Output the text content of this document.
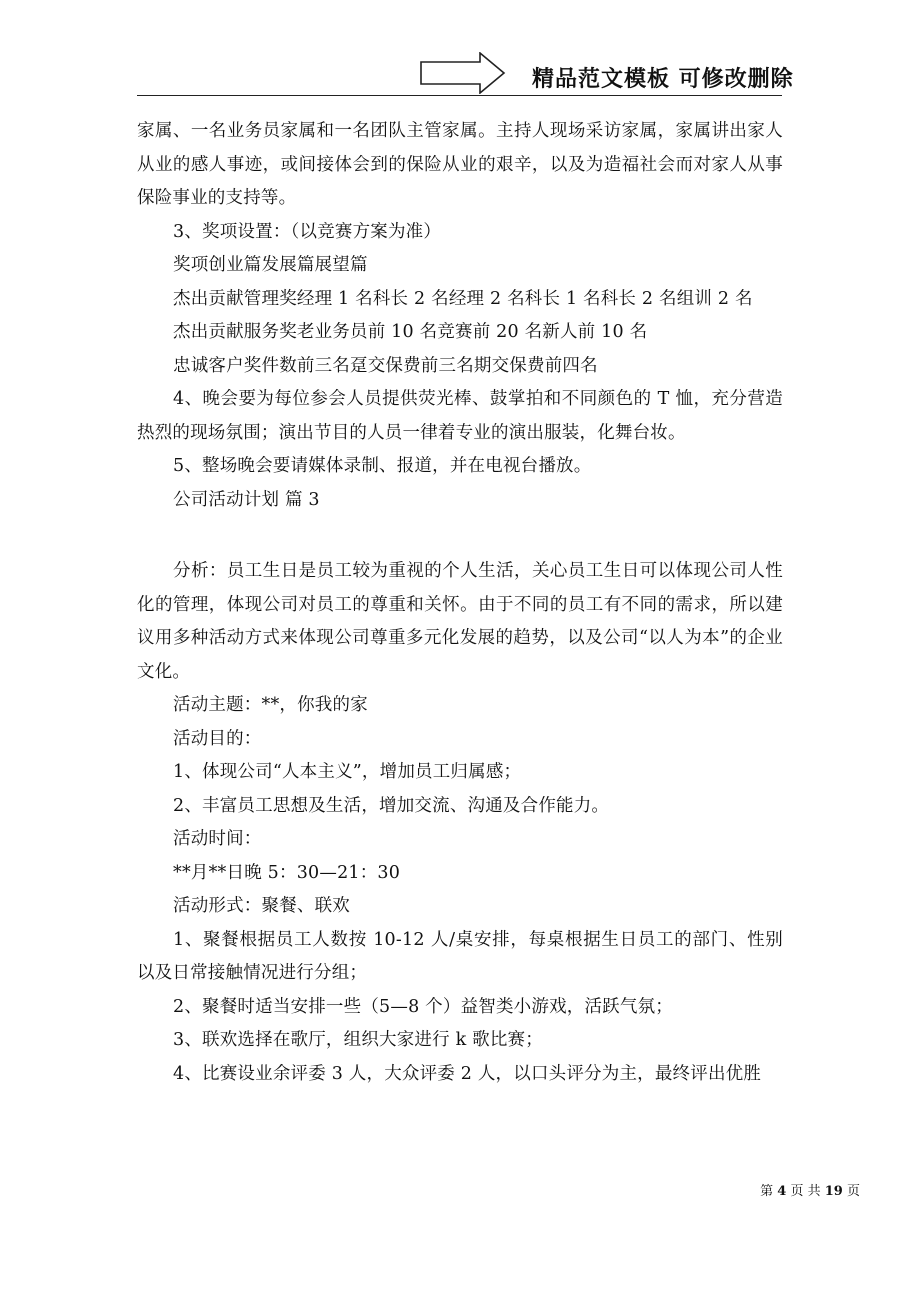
精品范文模板 可修改删除

家属、一名业务员家属和一名团队主管家属。主持人现场采访家属，家属讲出家人从业的感人事迹，或间接体会到的保险从业的艰辛，以及为造福社会而对家人从事保险事业的支持等。

3、奖项设置：（以竞赛方案为准）

奖项创业篇发展篇展望篇

杰出贡献管理奖经理 1 名科长 2 名经理 2 名科长 1 名科长 2 名组训 2 名

杰出贡献服务奖老业务员前 10 名竞赛前 20 名新人前 10 名

忠诚客户奖件数前三名趸交保费前三名期交保费前四名

4、晚会要为每位参会人员提供荧光棒、鼓掌拍和不同颜色的 T 恤，充分营造热烈的现场氛围；演出节目的人员一律着专业的演出服装，化舞台妆。

5、整场晚会要请媒体录制、报道，并在电视台播放。

公司活动计划 篇 3

分析：员工生日是员工较为重视的个人生活，关心员工生日可以体现公司人性化的管理，体现公司对员工的尊重和关怀。由于不同的员工有不同的需求，所以建议用多种活动方式来体现公司尊重多元化发展的趋势，以及公司“以人为本”的企业文化。

活动主题：**，你我的家

活动目的：

1、体现公司“人本主义”，增加员工归属感；

2、丰富员工思想及生活，增加交流、沟通及合作能力。

活动时间：

**月**日晚 5：30—21：30

活动形式：聚餐、联欢

1、聚餐根据员工人数按 10-12 人/桌安排，每桌根据生日员工的部门、性别以及日常接触情况进行分组；

2、聚餐时适当安排一些（5—8 个）益智类小游戏，活跃气氛；

3、联欢选择在歌厅，组织大家进行 k 歌比赛；

4、比赛设业余评委 3 人，大众评委 2 人，以口头评分为主，最终评出优胜

第 4 页 共 19 页
